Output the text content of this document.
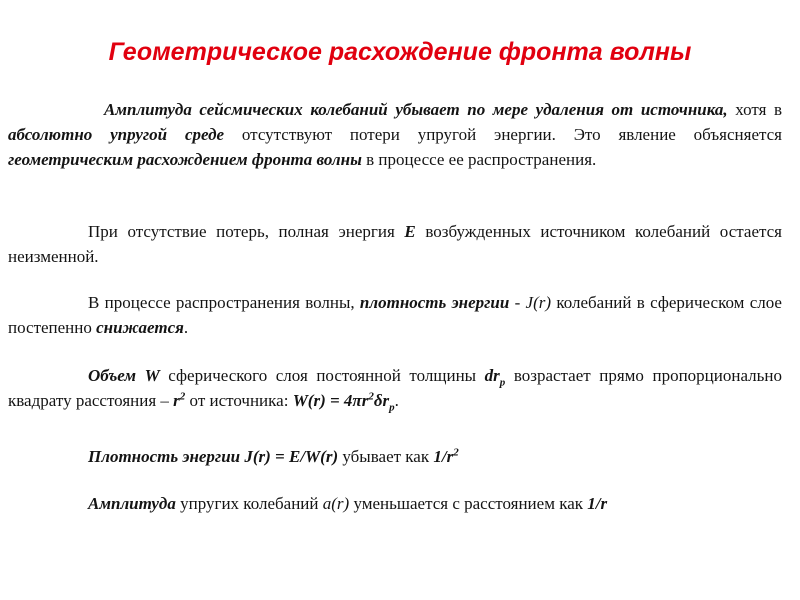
Геометрическое расхождение фронта волны
Амплитуда сейсмических колебаний убывает по мере удаления от источника, хотя в абсолютно упругой среде отсутствуют потери упругой энергии. Это явление объясняется геометрическим расхождением фронта волны в процессе ее распространения.
При отсутствие потерь, полная энергия Е возбужденных источником колебаний остается неизменной.
В процессе распространения волны, плотность энергии - J(r) колебаний в сферическом слое постепенно снижается.
Объем W сферического слоя постоянной толщины $dr_p$ возрастает прямо пропорционально квадрату расстояния – $r^2$ от источника: $W(r) = 4\pi r^2\delta r_p$.
Плотность энергии J(r) = E/W(r) убывает как $1/r^2$
Амплитуда упругих колебаний a(r) уменьшается с расстоянием как 1/r
